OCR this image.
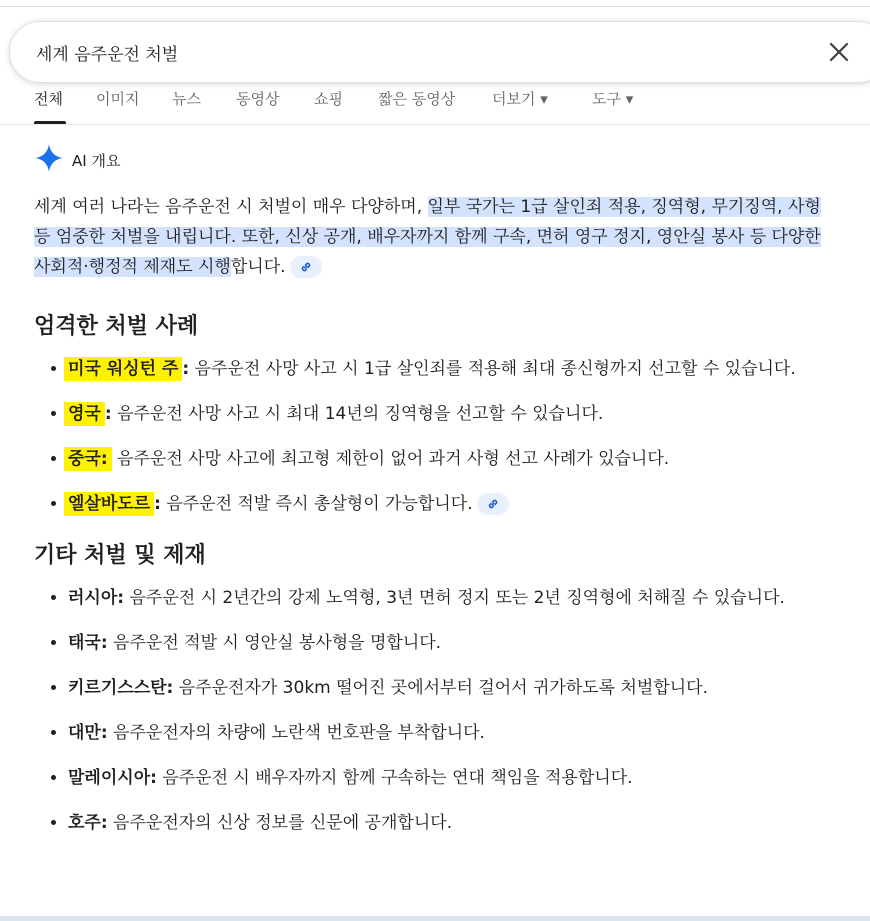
세계 음주운전 처벌
전체 이미지 뉴스 동영상 쇼핑 짧은 동영상 더보기 ▾	도구 ▾
AI 개요

세계 여러 나라는 음주운전 시 처벌이 매우 다양하며, 일부 국가는 1급 살인죄 적용, 징역형, 무기징역, 사형 등 엄중한 처벌을 내립니다. 또한, 신상 공개, 배우자까지 함께 구속, 면허 영구 정지, 영안실 봉사 등 다양한 사회적·행정적 제재도 시행합니다.

엄격한 처벌 사례
• 미국 워싱턴 주 : 음주운전 사망 사고 시 1급 살인죄를 적용해 최대 종신형까지 선고할 수 있습니다.
• 영국 : 음주운전 사망 사고 시 최대 14년의 징역형을 선고할 수 있습니다.
• 중국: 음주운전 사망 사고에 최고형 제한이 없어 과거 사형 선고 사례가 있습니다.
• 엘살바도르 : 음주운전 적발 즉시 총살형이 가능합니다.
기타 처벌 및 제재
• 러시아: 음주운전 시 2년간의 강제 노역형, 3년 면허 정지 또는 2년 징역형에 처해질 수 있습니다.
• 태국: 음주운전 적발 시 영안실 봉사형을 명합니다.
• 키르기스스탄: 음주운전자가 30km 떨어진 곳에서부터 걸어서 귀가하도록 처벌합니다.
• 대만: 음주운전자의 차량에 노란색 번호판을 부착합니다.
• 말레이시아: 음주운전 시 배우자까지 함께 구속하는 연대 책임을 적용합니다.
• 호주: 음주운전자의 신상 정보를 신문에 공개합니다.
